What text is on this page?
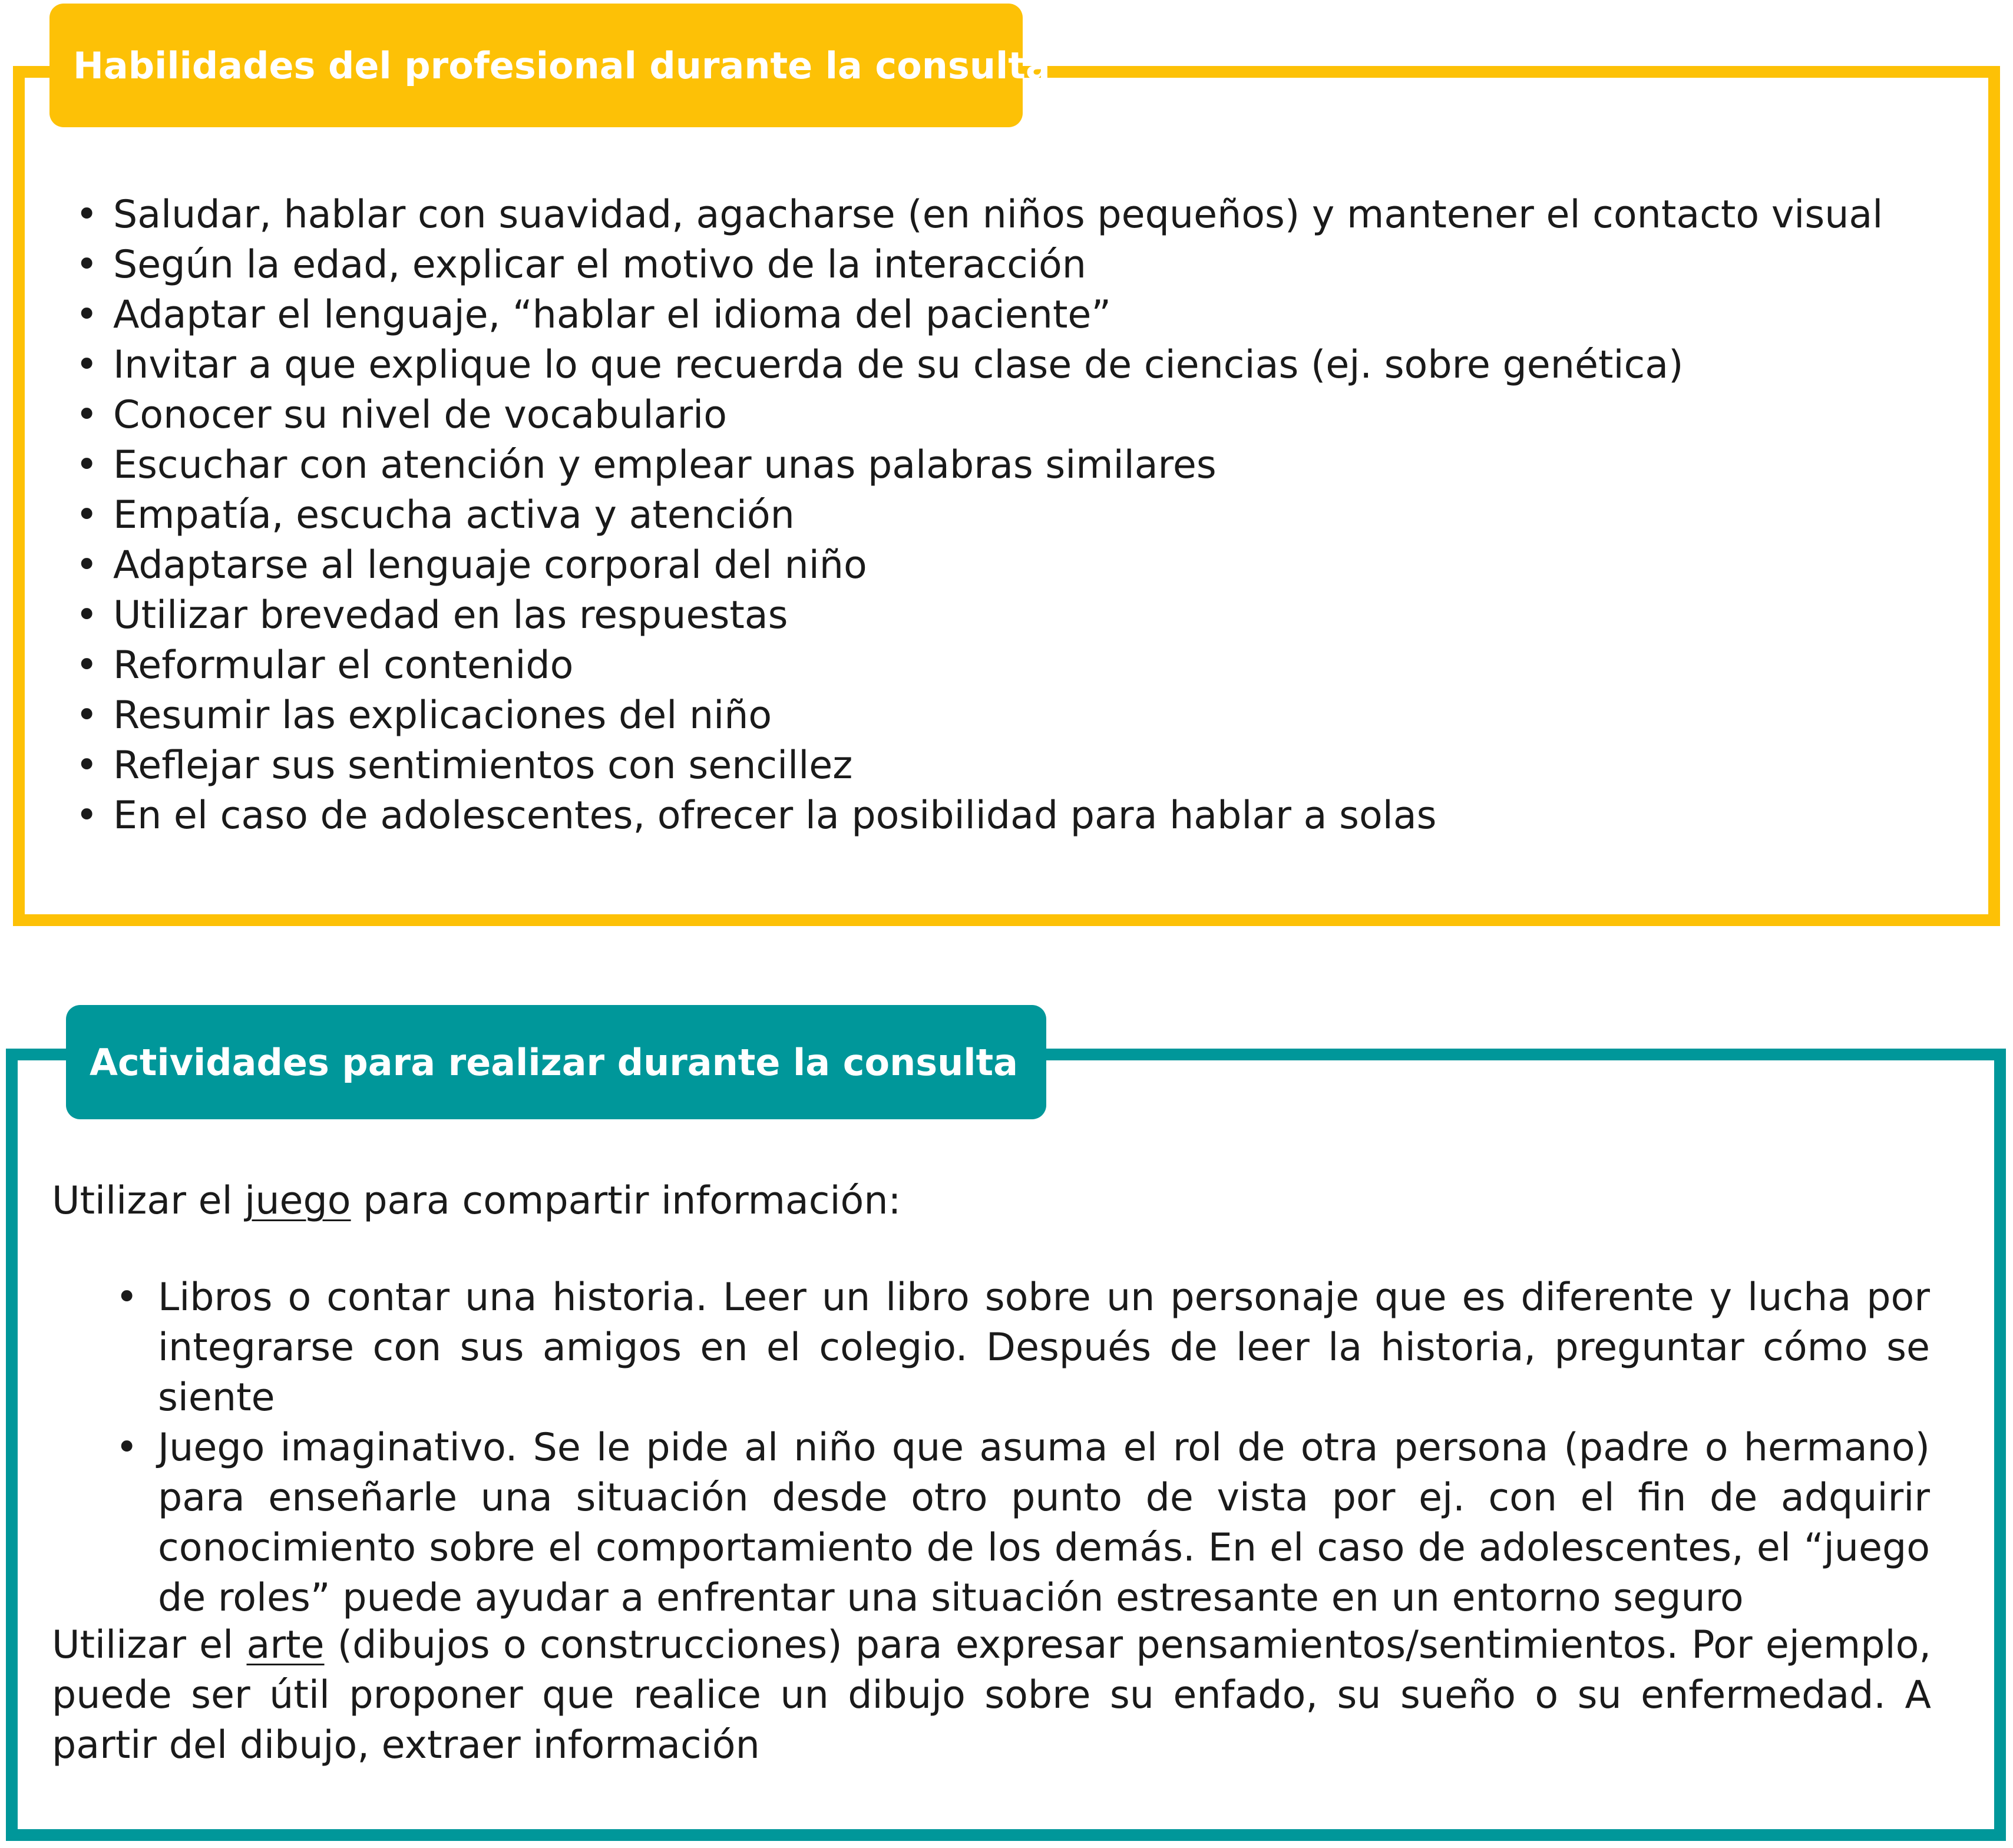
Habilidades del profesional durante la consulta
• Saludar, hablar con suavidad, agacharse (en niños pequeños) y mantener el contacto visual
• Según la edad, explicar el motivo de la interacción
• Adaptar el lenguaje, “hablar el idioma del paciente”
• Invitar a que explique lo que recuerda de su clase de ciencias (ej. sobre genética)
• Conocer su nivel de vocabulario
• Escuchar con atención y emplear unas palabras similares
• Empatía, escucha activa y atención
• Adaptarse al lenguaje corporal del niño
• Utilizar brevedad en las respuestas
• Reformular el contenido
• Resumir las explicaciones del niño
• Reflejar sus sentimientos con sencillez
• En el caso de adolescentes, ofrecer la posibilidad para hablar a solas
Actividades para realizar durante la consulta

Utilizar el juego para compartir información:

• Libros o contar una historia. Leer un libro sobre un personaje que es diferente y lucha por integrarse con sus amigos en el colegio. Después de leer la historia, preguntar cómo se siente
• Juego imaginativo. Se le pide al niño que asuma el rol de otra persona (padre o hermano) para enseñarle una situación desde otro punto de vista por ej. con el fin de adquirir conocimiento sobre el comportamiento de los demás. En el caso de adolescentes, el “juego de roles” puede ayudar a enfrentar una situación estresante en un entorno seguro

Utilizar el arte (dibujos o construcciones) para expresar pensamientos/sentimientos. Por ejemplo, puede ser útil proponer que realice un dibujo sobre su enfado, su sueño o su enfermedad. A partir del dibujo, extraer información
